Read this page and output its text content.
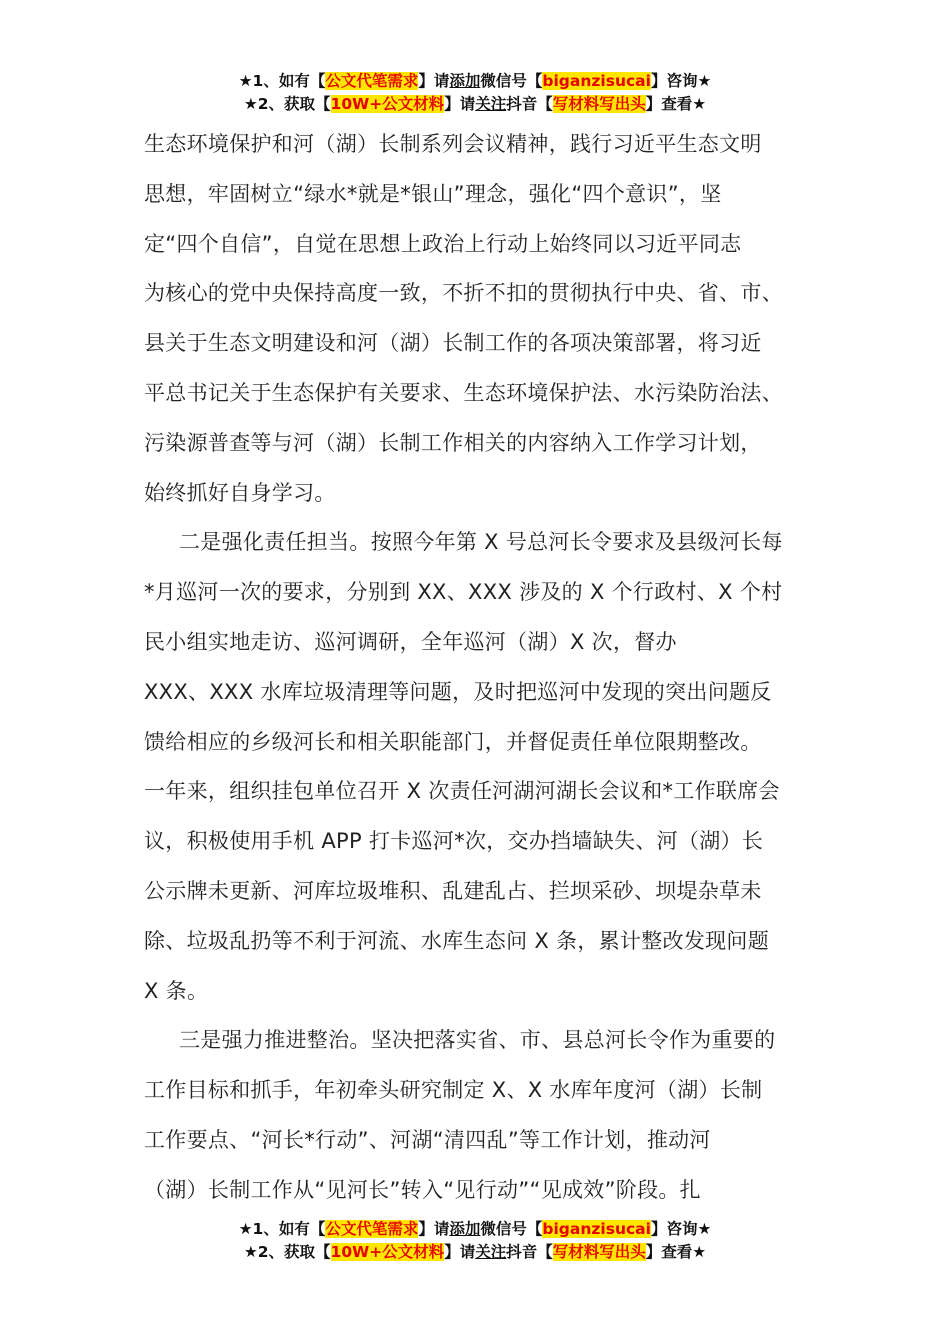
★1、如有【公文代笔需求】请添加微信号【biganzisucai】咨询★
★2、获取【10W+公文材料】请关注抖音【写材料写出头】查看★
生态环境保护和河（湖）长制系列会议精神，践行习近平生态文明
思想，牢固树立“绿水*就是*银山”理念，强化“四个意识”，坚
定“四个自信”，自觉在思想上政治上行动上始终同以习近平同志
为核心的党中央保持高度一致，不折不扣的贯彻执行中央、省、市、
县关于生态文明建设和河（湖）长制工作的各项决策部署，将习近
平总书记关于生态保护有关要求、生态环境保护法、水污染防治法、
污染源普查等与河（湖）长制工作相关的内容纳入工作学习计划，
始终抓好自身学习。
二是强化责任担当。按照今年第 X 号总河长令要求及县级河长每
*月巡河一次的要求，分别到 XX、XXX 涉及的 X 个行政村、X 个村
民小组实地走访、巡河调研，全年巡河（湖）X 次，督办
XXX、XXX 水库垃圾清理等问题，及时把巡河中发现的突出问题反
馈给相应的乡级河长和相关职能部门，并督促责任单位限期整改。
一年来，组织挂包单位召开 X 次责任河湖河湖长会议和*工作联席会
议，积极使用手机 APP 打卡巡河*次，交办挡墙缺失、河（湖）长
公示牌未更新、河库垃圾堆积、乱建乱占、拦坝采砂、坝堤杂草未
除、垃圾乱扔等不利于河流、水库生态问 X 条，累计整改发现问题
X 条。
三是强力推进整治。坚决把落实省、市、县总河长令作为重要的
工作目标和抓手，年初牵头研究制定 X、X 水库年度河（湖）长制
工作要点、“河长*行动”、河湖“清四乱”等工作计划，推动河
（湖）长制工作从“见河长”转入“见行动”“见成效”阶段。扎
★1、如有【公文代笔需求】请添加微信号【biganzisucai】咨询★
★2、获取【10W+公文材料】请关注抖音【写材料写出头】查看★
